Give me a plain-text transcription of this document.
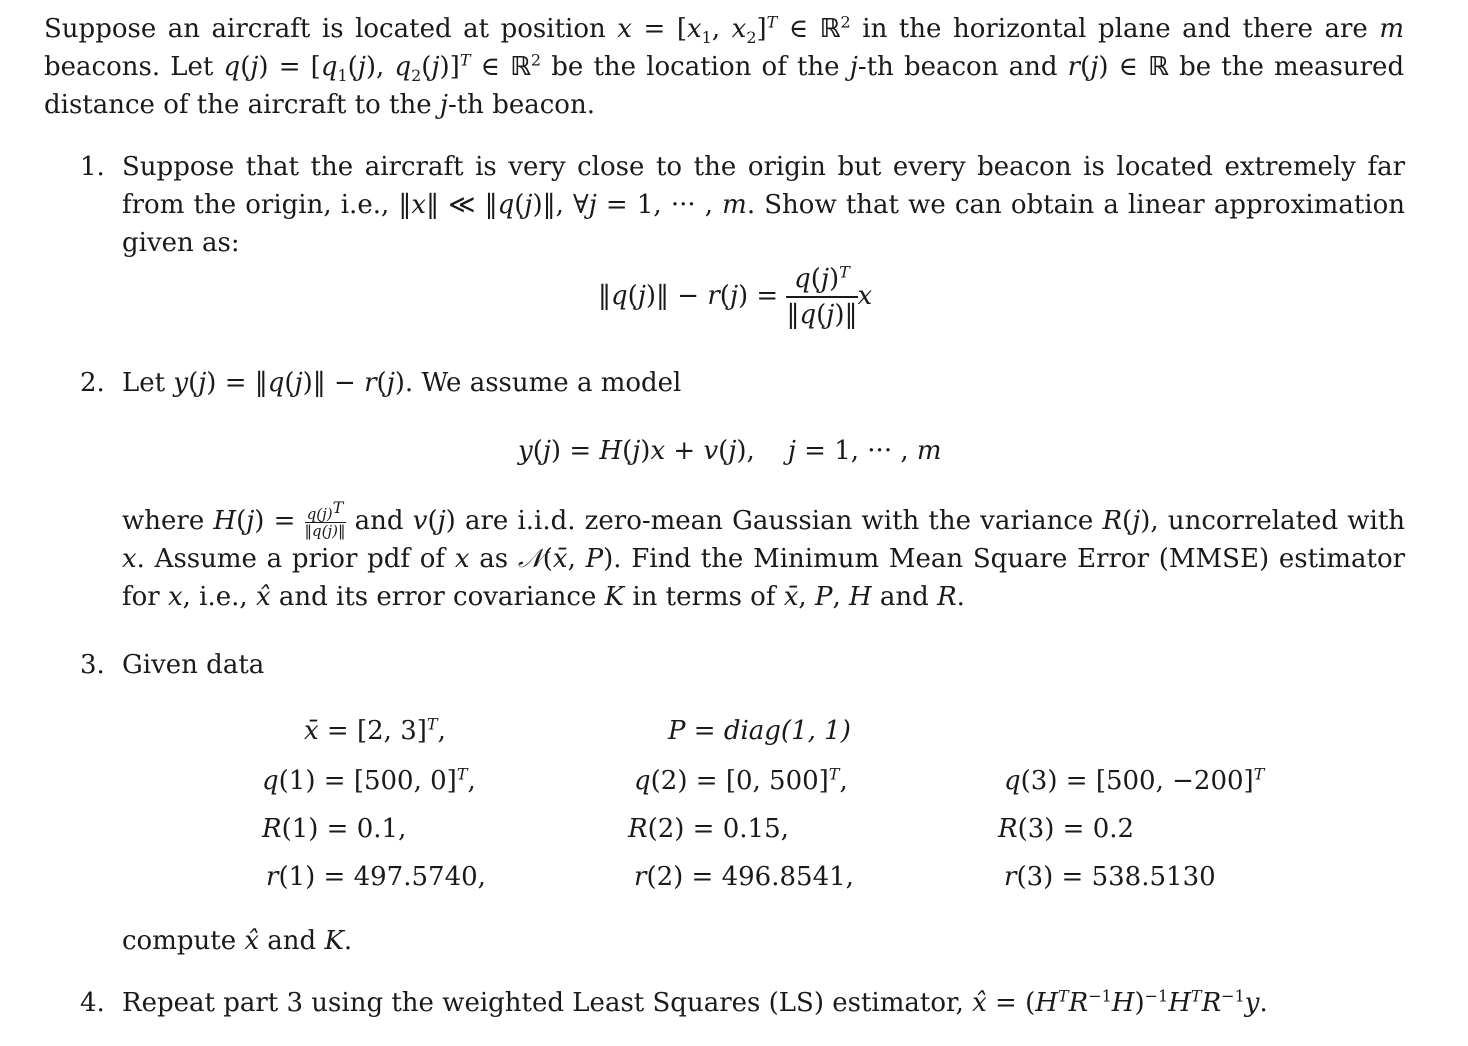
Suppose an aircraft is located at position $x = [x_1$, $x_2]^T$ ∈ ℝ$^2$ in the horizontal plane and there are m beacons. Let $q(j) = [q_1(j)$, $q_2(j)]^T$ ∈ ℝ$^2$ be the location of the j-th beacon and r(j) ∈ ℝ be the measured distance of the aircraft to the j-th beacon.
1. Suppose that the aircraft is very close to the origin but every beacon is located extremely far from the origin, i.e., ‖x‖ ≪ ‖q(j)‖, ∀j = 1, ··· , m. Show that we can obtain a linear approximation given as:
‖q(j)‖ − $r(j) = \frac{q(j)^T}{‖q(j)‖}$ x
2. Let y(j) = ‖q(j)‖ − r(j). We assume a model
y(j) = H(j)x + v(j),    j = 1, ··· , m
where $H(j) = \frac{q(j)^T}{‖q(j)‖}$ and v(j) are i.i.d. zero-mean Gaussian with the variance R(j), uncorrelated with x. Assume a prior pdf of x as 𝒩(x̄, P). Find the Minimum Mean Square Error (MMSE) estimator for x, i.e., x̂ and its error covariance K in terms of x̄, P, H and R.
3. Given data
x̄ = [2, 3]$^T$,	P = diag(1, 1)
q(1) = [500, 0]$^T$,	q(2) = [0, 500]$^T$,	q(3) = [500, −200]$^T$
R(1) = 0.1,	R(2) = 0.15,	R(3) = 0.2
r(1) = 497.5740,	r(2) = 496.8541,	r(3) = 538.5130
compute x̂ and K.
4. Repeat part 3 using the weighted Least Squares (LS) estimator, x̂ = $(H^TR^{-1}H)^{-1}H^TR^{-1}y$.
